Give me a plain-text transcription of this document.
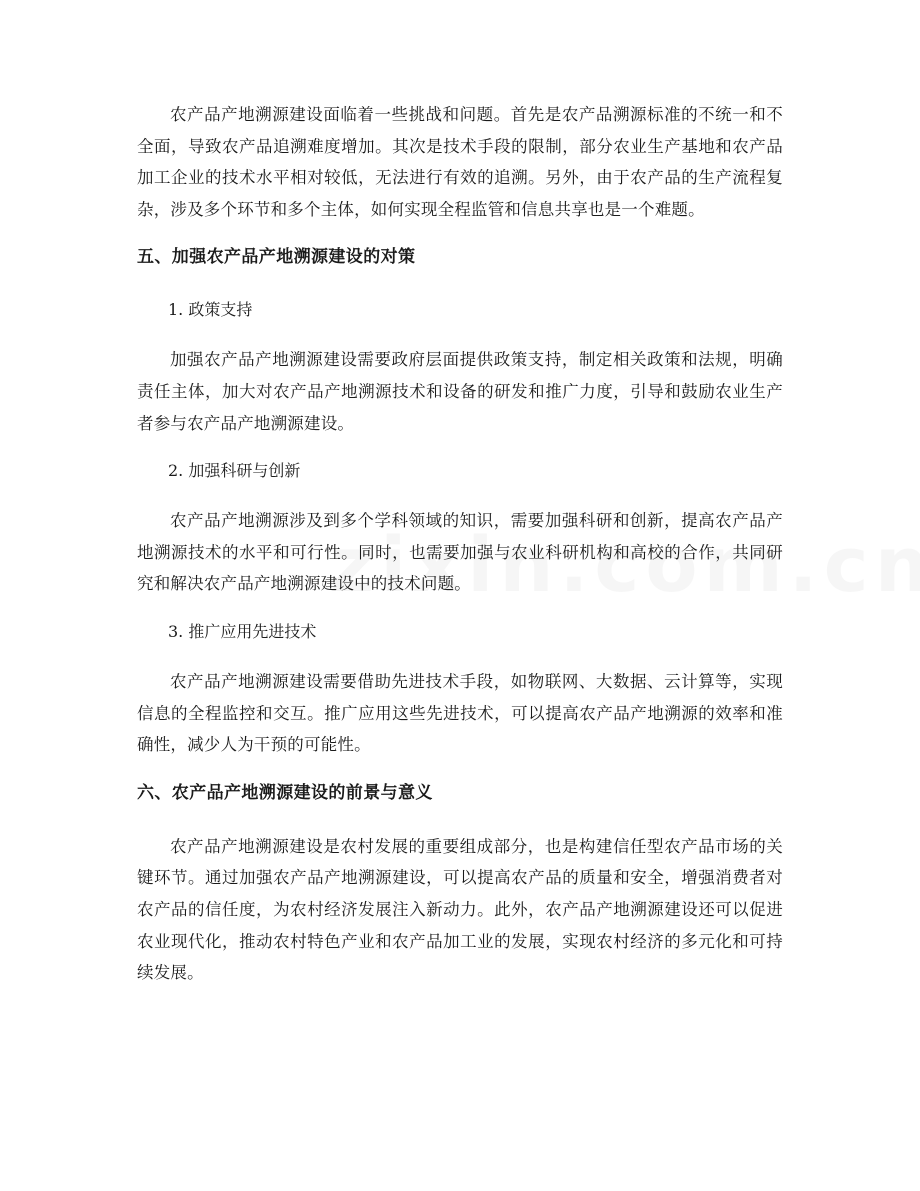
农产品产地溯源建设面临着一些挑战和问题。首先是农产品溯源标准的不统一和不全面，导致农产品追溯难度增加。其次是技术手段的限制，部分农业生产基地和农产品加工企业的技术水平相对较低，无法进行有效的追溯。另外，由于农产品的生产流程复杂，涉及多个环节和多个主体，如何实现全程监管和信息共享也是一个难题。

五、加强农产品产地溯源建设的对策

1. 政策支持

加强农产品产地溯源建设需要政府层面提供政策支持，制定相关政策和法规，明确责任主体，加大对农产品产地溯源技术和设备的研发和推广力度，引导和鼓励农业生产者参与农产品产地溯源建设。

2. 加强科研与创新

农产品产地溯源涉及到多个学科领域的知识，需要加强科研和创新，提高农产品产地溯源技术的水平和可行性。同时，也需要加强与农业科研机构和高校的合作，共同研究和解决农产品产地溯源建设中的技术问题。

3. 推广应用先进技术

农产品产地溯源建设需要借助先进技术手段，如物联网、大数据、云计算等，实现信息的全程监控和交互。推广应用这些先进技术，可以提高农产品产地溯源的效率和准确性，减少人为干预的可能性。

六、农产品产地溯源建设的前景与意义

农产品产地溯源建设是农村发展的重要组成部分，也是构建信任型农产品市场的关键环节。通过加强农产品产地溯源建设，可以提高农产品的质量和安全，增强消费者对农产品的信任度，为农村经济发展注入新动力。此外，农产品产地溯源建设还可以促进农业现代化，推动农村特色产业和农产品加工业的发展，实现农村经济的多元化和可持续发展。
